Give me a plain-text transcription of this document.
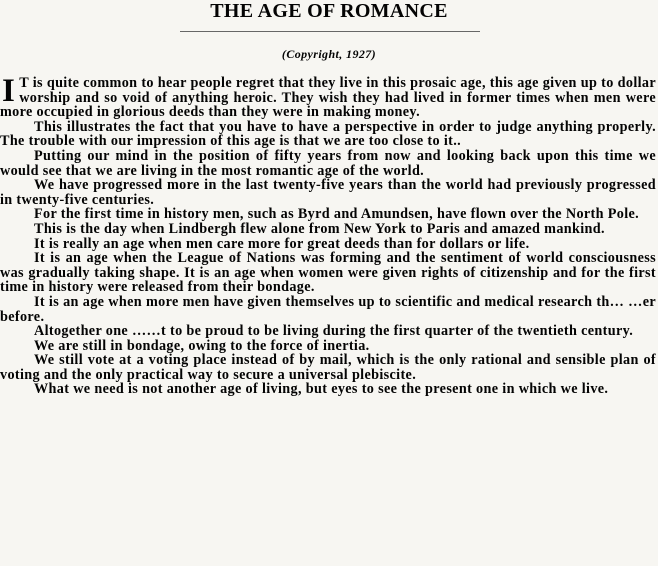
THE AGE OF ROMANCE
(Copyright, 1927)

I T is quite common to hear people regret that they live in this prosaic age, this age given up to dollar worship and so void of anything heroic. They wish they had lived in former times when men were more occupied in glorious deeds than they were in making money.

This illustrates the fact that you have to have a perspective in order to judge anything properly. The trouble with our impression of this age is that we are too close to it..

Putting our mind in the position of fifty years from now and looking back upon this time we would see that we are living in the most romantic age of the world.

We have progressed more in the last twenty-five years than the world had previously progressed in twenty-five centuries.

For the first time in history men, such as Byrd and Amundsen, have flown over the North Pole.

This is the day when Lindbergh flew alone from New York to Paris and amazed mankind.

It is really an age when men care more for great deeds than for dollars or life.

It is an age when the League of Nations was forming and the sentiment of world consciousness was gradually taking shape. It is an age when women were given rights of citizenship and for the first time in history were released from their bondage.

It is an age when more men have given themselves up to scientific and medical research th… …er before.

Altogether one ……t to be proud to be living during the first quarter of the twentieth century.

We are still in bondage, owing to the force of inertia.

We still vote at a voting place instead of by mail, which is the only rational and sensible plan of voting and the only practical way to secure a universal plebiscite.

What we need is not another age of living, but eyes to see the present one in which we live.
